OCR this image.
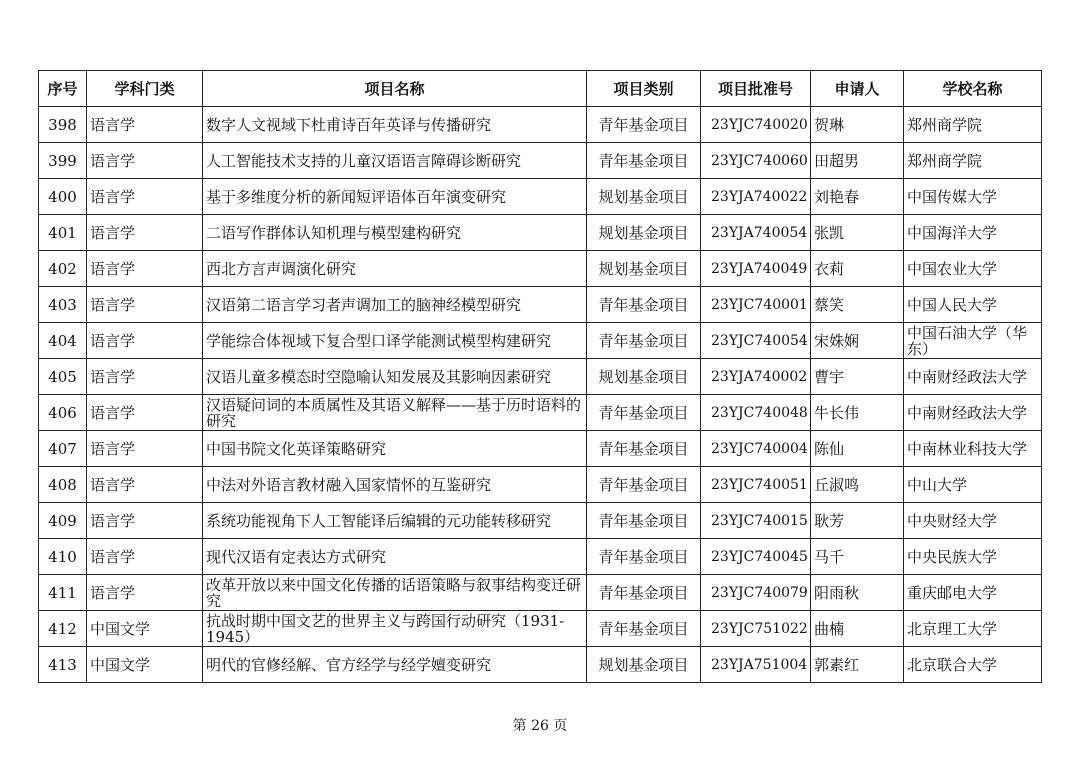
序号	学科门类	项目名称	项目类别	项目批准号	申请人	学校名称
398	语言学	数字人文视域下杜甫诗百年英译与传播研究	青年基金项目	23YJC740020	贺琳	郑州商学院
399	语言学	人工智能技术支持的儿童汉语语言障碍诊断研究	青年基金项目	23YJC740060	田超男	郑州商学院
400	语言学	基于多维度分析的新闻短评语体百年演变研究	规划基金项目	23YJA740022	刘艳春	中国传媒大学
401	语言学	二语写作群体认知机理与模型建构研究	规划基金项目	23YJA740054	张凯	中国海洋大学
402	语言学	西北方言声调演化研究	规划基金项目	23YJA740049	衣莉	中国农业大学
403	语言学	汉语第二语言学习者声调加工的脑神经模型研究	青年基金项目	23YJC740001	蔡笑	中国人民大学
404	语言学	学能综合体视域下复合型口译学能测试模型构建研究	青年基金项目	23YJC740054	宋姝娴	中国石油大学（华东）
405	语言学	汉语儿童多模态时空隐喻认知发展及其影响因素研究	规划基金项目	23YJA740002	曹宇	中南财经政法大学
406	语言学	汉语疑问词的本质属性及其语义解释——基于历时语料的研究	青年基金项目	23YJC740048	牛长伟	中南财经政法大学
407	语言学	中国书院文化英译策略研究	青年基金项目	23YJC740004	陈仙	中南林业科技大学
408	语言学	中法对外语言教材融入国家情怀的互鉴研究	青年基金项目	23YJC740051	丘淑鸣	中山大学
409	语言学	系统功能视角下人工智能译后编辑的元功能转移研究	青年基金项目	23YJC740015	耿芳	中央财经大学
410	语言学	现代汉语有定表达方式研究	青年基金项目	23YJC740045	马千	中央民族大学
411	语言学	改革开放以来中国文化传播的话语策略与叙事结构变迁研究	青年基金项目	23YJC740079	阳雨秋	重庆邮电大学
412	中国文学	抗战时期中国文艺的世界主义与跨国行动研究（1931-1945）	青年基金项目	23YJC751022	曲楠	北京理工大学
413	中国文学	明代的官修经解、官方经学与经学嬗变研究	规划基金项目	23YJA751004	郭素红	北京联合大学
第 26 页
